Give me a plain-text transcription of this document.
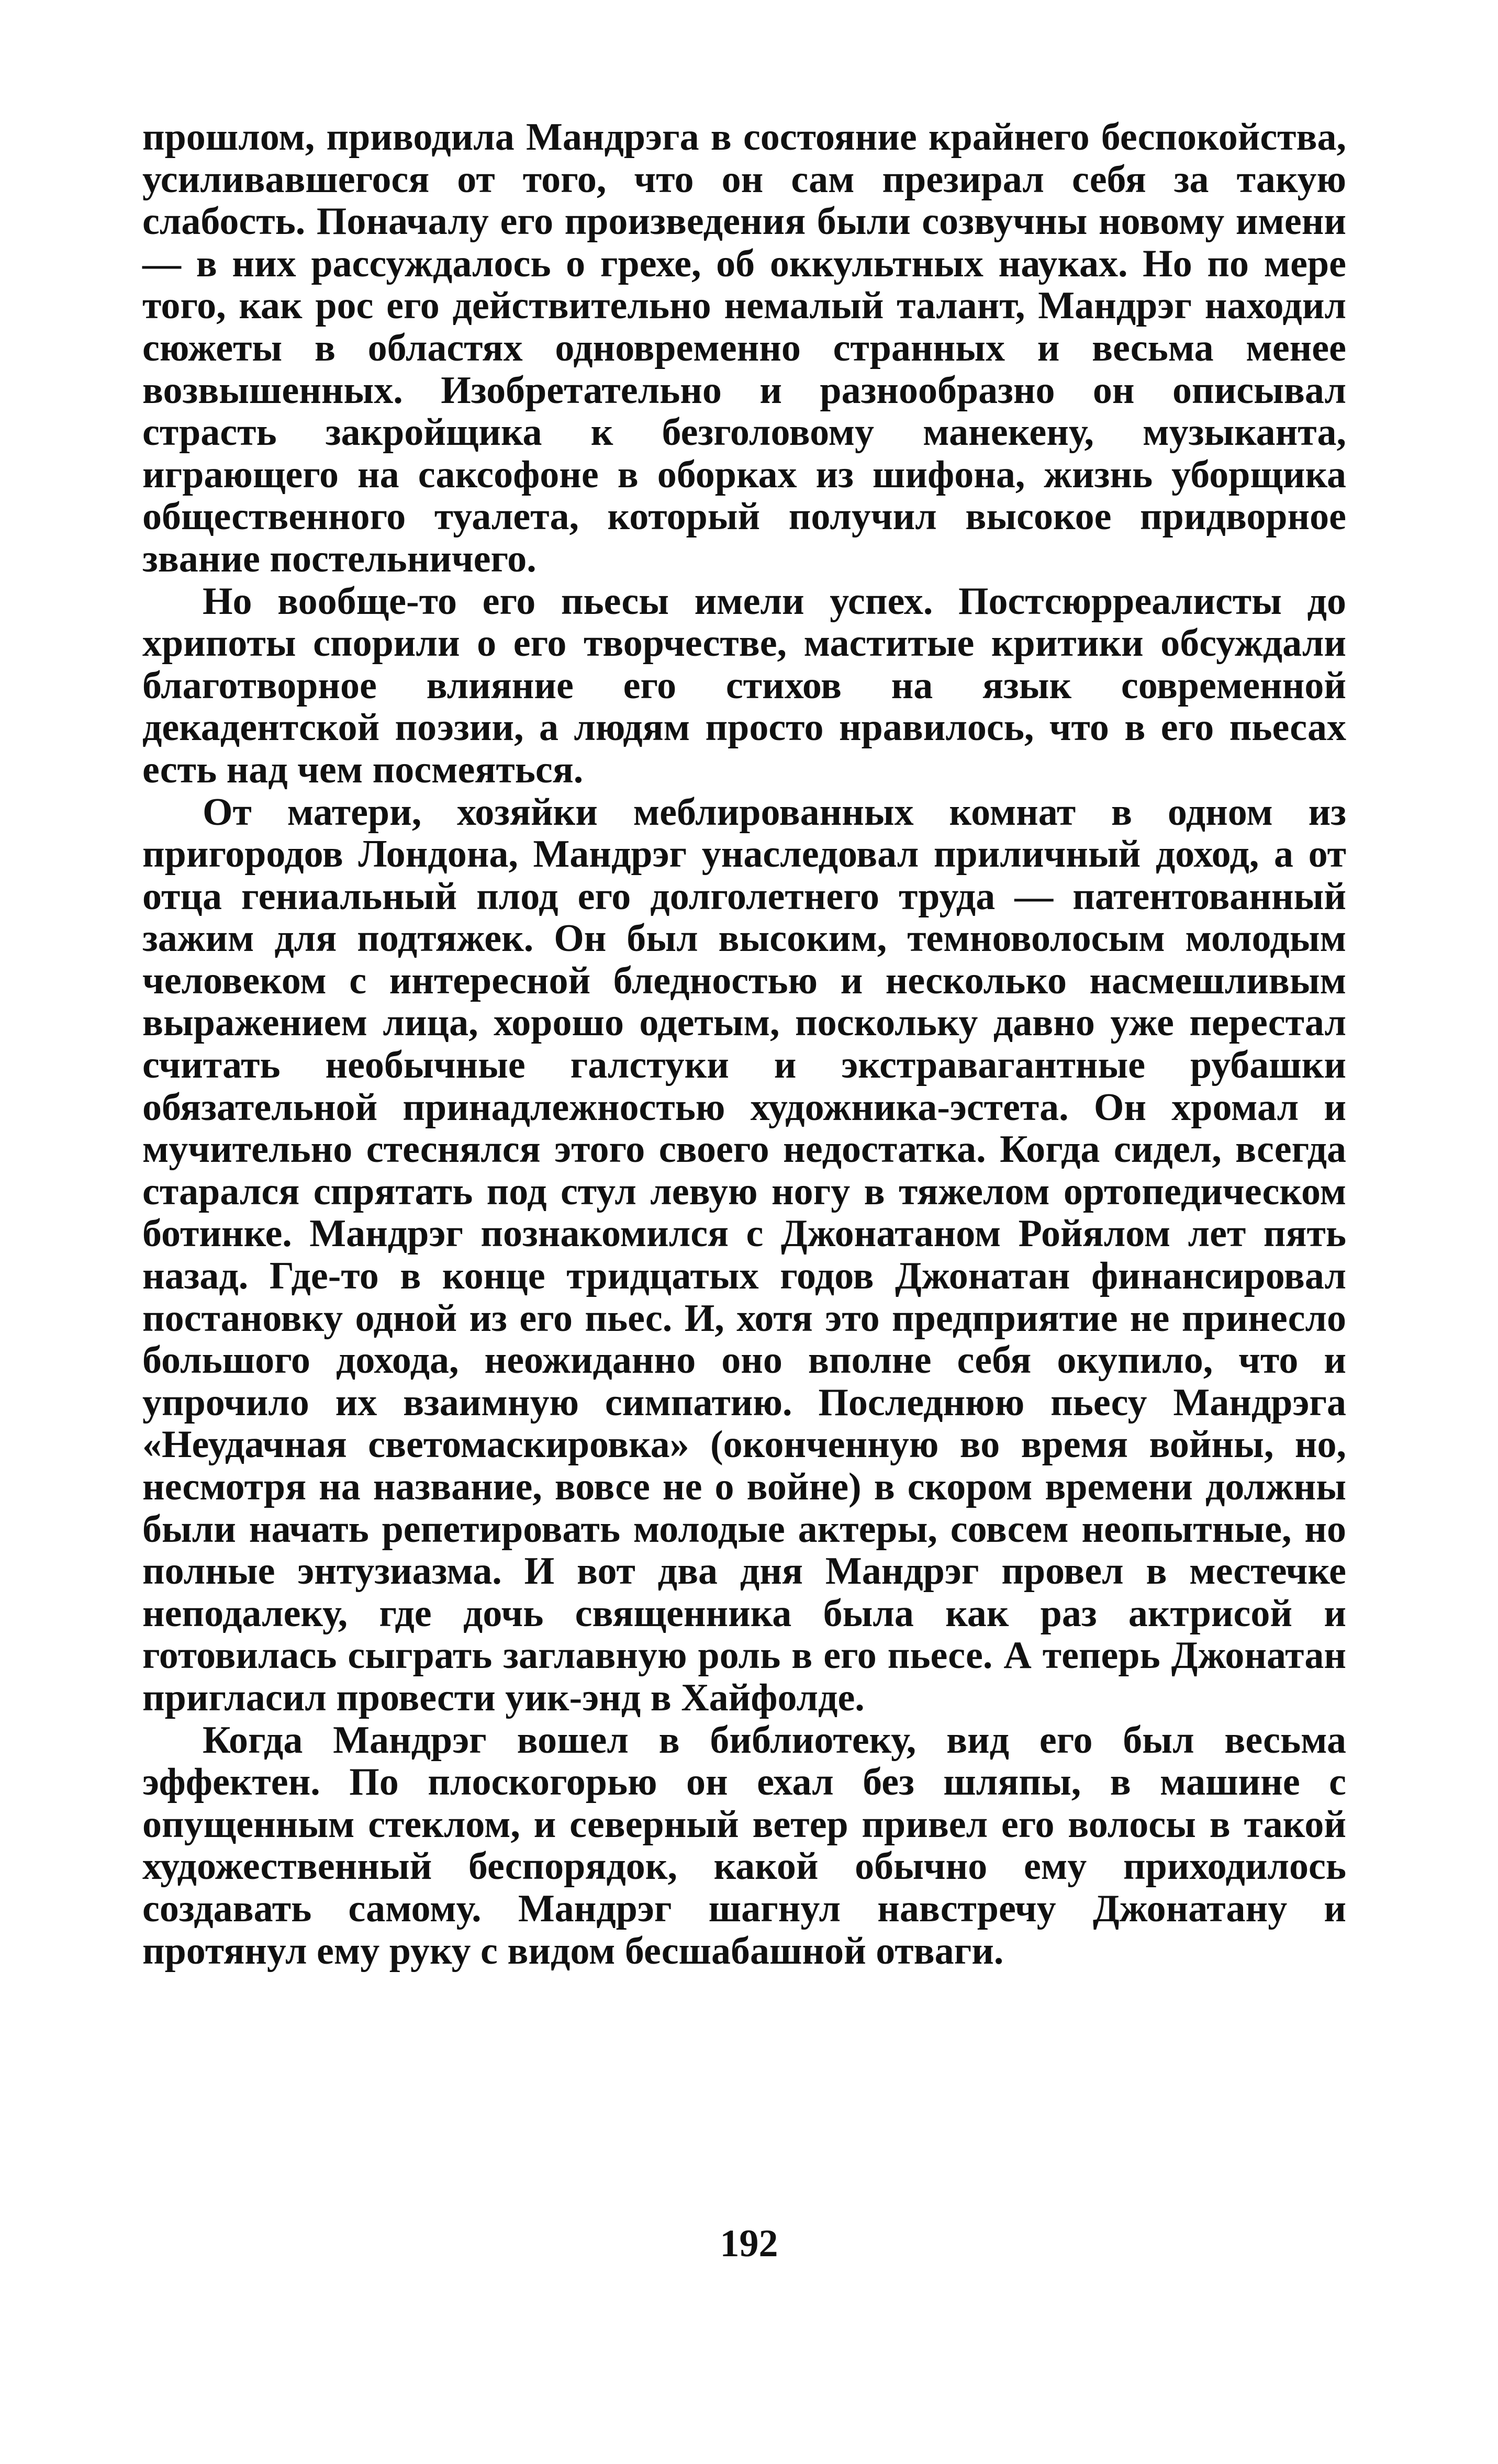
прошлом, приводила Мандрэга в состояние крайнего беспокойства, усиливавшегося от того, что он сам презирал себя за такую слабость. Поначалу его произведения были созвучны новому имени — в них рассуждалось о грехе, об оккультных науках. Но по мере того, как рос его действительно немалый талант, Мандрэг находил сюжеты в областях одновременно странных и весьма менее возвышенных. Изобретательно и разнообразно он описывал страсть закройщика к безголовому манекену, музыканта, играющего на саксофоне в оборках из шифона, жизнь уборщика общественного туалета, который получил высокое придворное звание постельничего.

Но вообще-то его пьесы имели успех. Постсюрреалисты до хрипоты спорили о его творчестве, маститые критики обсуждали благотворное влияние его стихов на язык современной декадентской поэзии, а людям просто нравилось, что в его пьесах есть над чем посмеяться.

От матери, хозяйки меблированных комнат в одном из пригородов Лондона, Мандрэг унаследовал приличный доход, а от отца гениальный плод его долголетнего труда — патентованный зажим для подтяжек. Он был высоким, темноволосым молодым человеком с интересной бледностью и несколько насмешливым выражением лица, хорошо одетым, поскольку давно уже перестал считать необычные галстуки и экстравагантные рубашки обязательной принадлежностью художника-эстета. Он хромал и мучительно стеснялся этого своего недостатка. Когда сидел, всегда старался спрятать под стул левую ногу в тяжелом ортопедическом ботинке. Мандрэг познакомился с Джонатаном Ройялом лет пять назад. Где-то в конце тридцатых годов Джонатан финансировал постановку одной из его пьес. И, хотя это предприятие не принесло большого дохода, неожиданно оно вполне себя окупило, что и упрочило их взаимную симпатию. Последнюю пьесу Мандрэга «Неудачная светомаскировка» (оконченную во время войны, но, несмотря на название, вовсе не о войне) в скором времени должны были начать репетировать молодые актеры, совсем неопытные, но полные энтузиазма. И вот два дня Мандрэг провел в местечке неподалеку, где дочь священника была как раз актрисой и готовилась сыграть заглавную роль в его пьесе. А теперь Джонатан пригласил провести уик-энд в Хайфолде.

Когда Мандрэг вошел в библиотеку, вид его был весьма эффектен. По плоскогорью он ехал без шляпы, в машине с опущенным стеклом, и северный ветер привел его волосы в такой художественный беспорядок, какой обычно ему приходилось создавать самому. Мандрэг шагнул навстречу Джонатану и протянул ему руку с видом бесшабашной отваги.

192
